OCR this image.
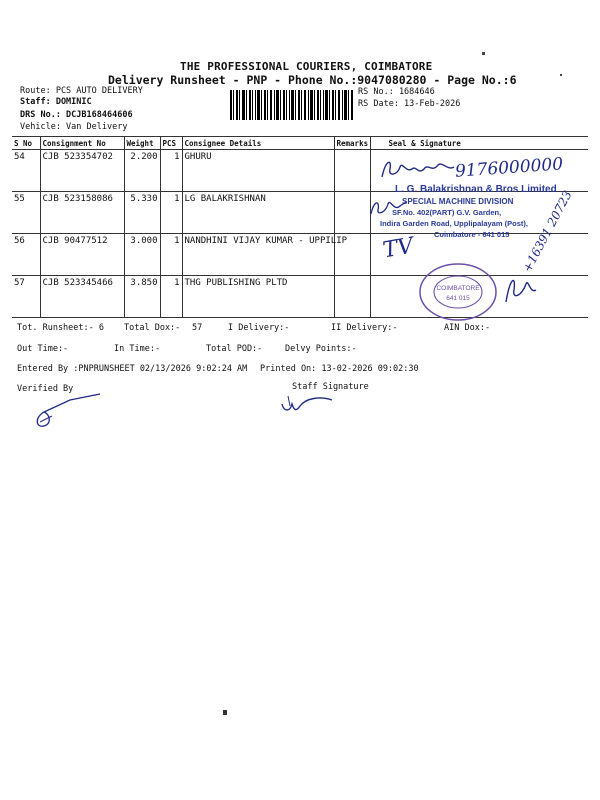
THE PROFESSIONAL COURIERS, COIMBATORE
Delivery Runsheet - PNP - Phone No.:9047080280 - Page No.:6
Route: PCS AUTO DELIVERY
Staff: DOMINIC
DRS No.: DCJB168464606
Vehicle: Van Delivery
RS No.: 1684646
RS Date: 13-Feb-2026
S No	Consignment No	Weight	PCS	Consignee Details	Remarks	Seal & Signature
54	CJB 523354702	2.200	1	GHURU		
55	CJB 523158086	5.330	1	LG BALAKRISHNAN		
56	CJB 90477512	3.000	1	NANDHINI VIJAY KUMAR - UPPILIP		
57	CJB 523345466	3.850	1	THG PUBLISHING PLTD		
9176000000
L. G. Balakrishnan & Bros Limited
SPECIAL MACHINE DIVISION
SF.No. 402(PART) G.V. Garden,
Indira Garden Road, Upplipalayam (Post),
Coimbatore - 641 015
TV
COIMBATORE
641 015
+16391 20723
Tot. Runsheet:- 6 Total Dox:- 57	I Delivery:-	II Delivery:-	AIN Dox:-
Out Time:-	In Time:-	Total POD:-	Delvy Points:-
Entered By :PNPRUNSHEET 02/13/2026 9:02:24 AM Printed On: 13-02-2026 09:02:30
Verified By	Staff Signature
